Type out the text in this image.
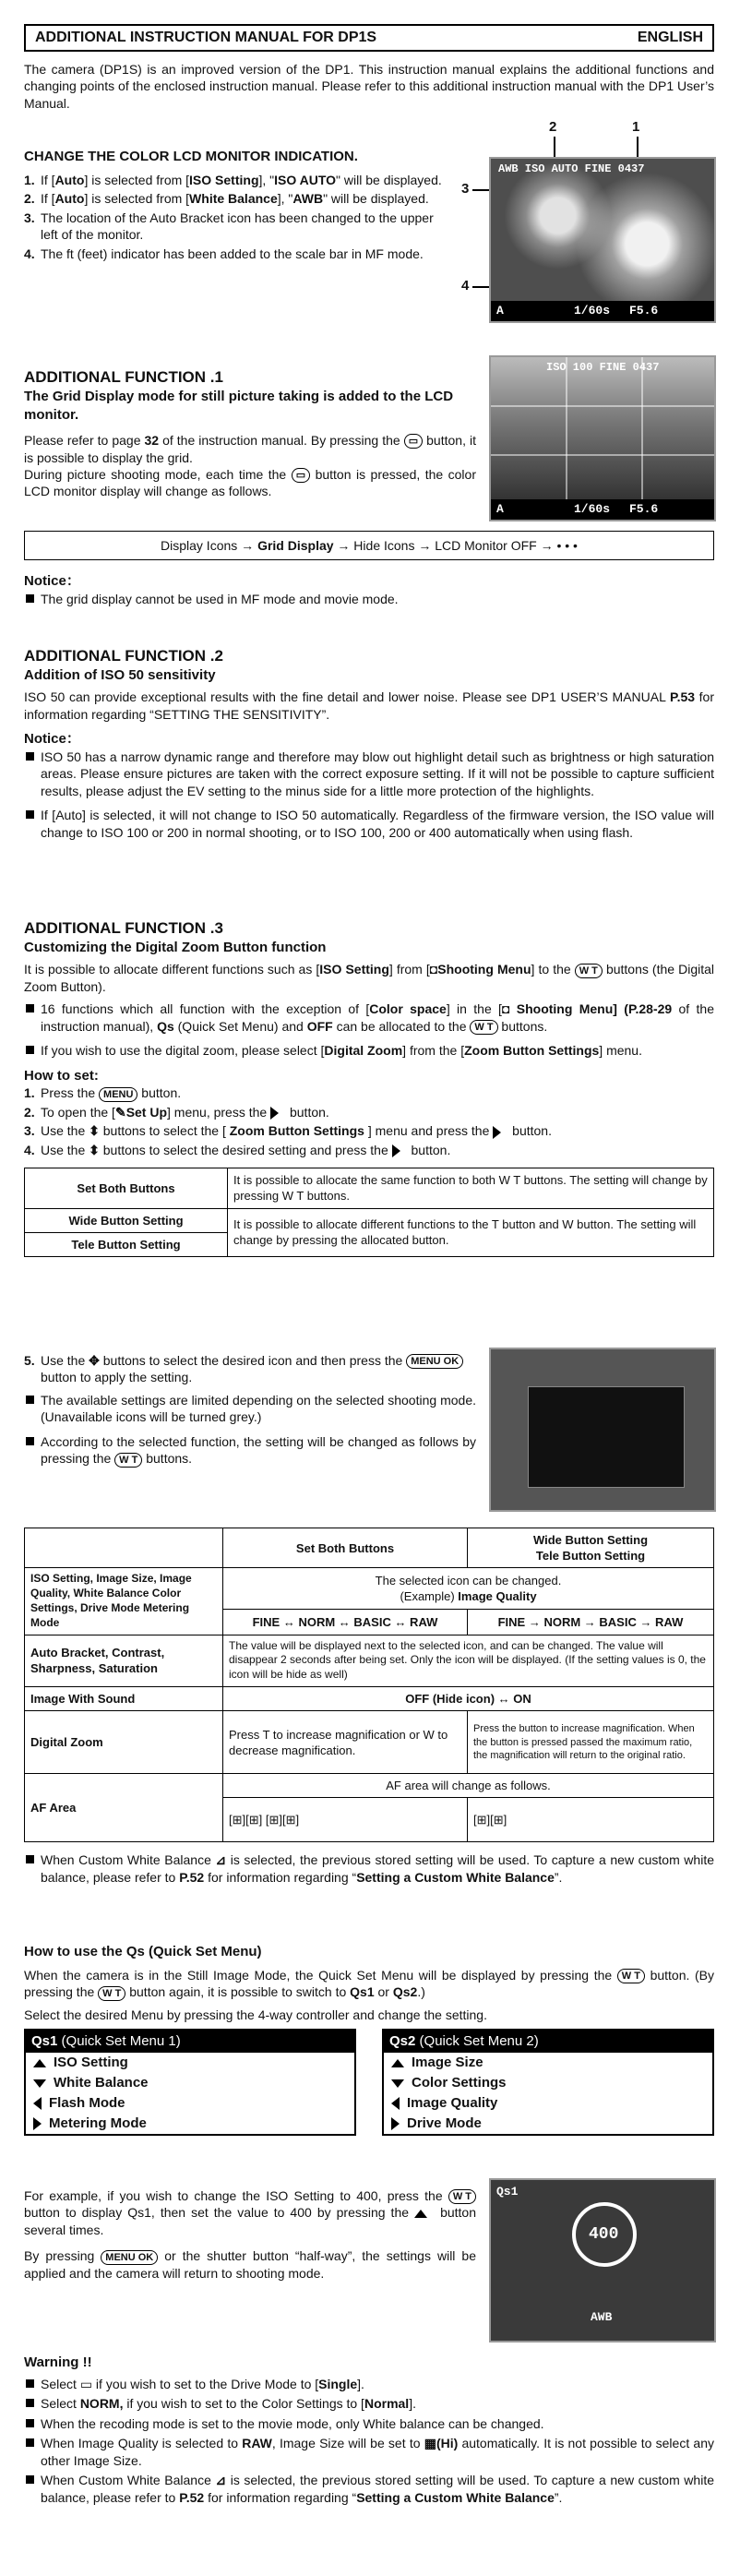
ADDITIONAL INSTRUCTION MANUAL FOR DP1S	ENGLISH

The camera (DP1S) is an improved version of the DP1. This instruction manual explains the additional functions and changing points of the enclosed instruction manual. Please refer to this additional instruction manual with the DP1 User’s Manual.

CHANGE THE COLOR LCD MONITOR INDICATION.
1. If [Auto] is selected from [ISO Setting], "ISO AUTO" will be displayed.
2. If [Auto] is selected from [White Balance], "AWB" will be displayed.
3. The location of the Auto Bracket icon has been changed to the upper left of the monitor.
4. The ft (feet) indicator has been added to the scale bar in MF mode.
2	1
3
4
AWB ISO AUTO FINE 0437
A	1/60s F5.6
ADDITIONAL FUNCTION .1
The Grid Display mode for still picture taking is added to the LCD monitor.

Please refer to page 32 of the instruction manual. By pressing the ▭ button, it is possible to display the grid.

During picture shooting mode, each time the ▭ button is pressed, the color LCD monitor display will change as follows.

ISO 100 FINE 0437
A	1/60s F5.6
Display Icons → Grid Display → Hide Icons → LCD Monitor OFF → • • •
Notice：
The grid display cannot be used in MF mode and movie mode.
ADDITIONAL FUNCTION .2
Addition of ISO 50 sensitivity

ISO 50 can provide exceptional results with the fine detail and lower noise. Please see DP1 USER’S MANUAL P.53 for information regarding “SETTING THE SENSITIVITY”.

Notice：
ISO 50 has a narrow dynamic range and therefore may blow out highlight detail such as brightness or high saturation areas. Please ensure pictures are taken with the correct exposure setting. If it will not be possible to capture sufficient results, please adjust the EV setting to the minus side for a little more protection of the highlights.
If [Auto] is selected, it will not change to ISO 50 automatically. Regardless of the firmware version, the ISO value will change to ISO 100 or 200 in normal shooting, or to ISO 100, 200 or 400 automatically when using flash.
ADDITIONAL FUNCTION .3
Customizing the Digital Zoom Button function

It is possible to allocate different functions such as [ISO Setting] from [◘Shooting Menu] to the W T buttons (the Digital Zoom Button).

16 functions which all function with the exception of [Color space] in the [◘ Shooting Menu] (P.28-29 of the instruction manual), Qs (Quick Set Menu) and OFF can be allocated to the W T buttons.
If you wish to use the digital zoom, please select [Digital Zoom] from the [Zoom Button Settings] menu.
How to set:
1. Press the MENU button.
2. To open the [✎Set Up] menu, press the  button.
3. Use the ⬍ buttons to select the [ Zoom Button Settings ] menu and press the  button.
4. Use the ⬍ buttons to select the desired setting and press the  button.
Set Both Buttons	It is possible to allocate the same function to both W T buttons. The setting will change by pressing W T buttons.
Wide Button Setting	It is possible to allocate different functions to the T button and W button. The setting will change by pressing the allocated button.
Tele Button Setting	
5. Use the ✥ buttons to select the desired icon and then press the MENU OK button to apply the setting.
The available settings are limited depending on the selected shooting mode. (Unavailable icons will be turned grey.)
According to the selected function, the setting will be changed as follows by pressing the W T buttons.
	Set Both Buttons	Wide Button Setting
Tele Button Setting
ISO Setting, Image Size, Image Quality, White Balance Color Settings, Drive Mode Metering Mode	The selected icon can be changed.
(Example) Image Quality	
	FINE ↔ NORM ↔ BASIC ↔ RAW	FINE → NORM → BASIC → RAW
Auto Bracket, Contrast, Sharpness, Saturation	The value will be displayed next to the selected icon, and can be changed. The value will disappear 2 seconds after being set. Only the icon will be displayed. (If the setting values is 0, the icon will be hide as well)	
Image With Sound	OFF (Hide icon) ↔ ON	
Digital Zoom	Press T to increase magnification or W to decrease magnification.	Press the button to increase magnification. When the button is pressed passed the maximum ratio, the magnification will return to the original ratio.
AF Area	AF area will change as follows.	
	[⊞][⊞] [⊞][⊞]	[⊞][⊞]
When Custom White Balance ⊿ is selected, the previous stored setting will be used. To capture a new custom white balance, please refer to P.52 for information regarding “Setting a Custom White Balance”.
How to use the Qs (Quick Set Menu)

When the camera is in the Still Image Mode, the Quick Set Menu will be displayed by pressing the W T button. (By pressing the W T button again, it is possible to switch to Qs1 or Qs2.)

Select the desired Menu by pressing the 4-way controller and change the setting.

Qs1 (Quick Set Menu 1)
ISO Setting
White Balance
Flash Mode
Metering Mode
Qs2 (Quick Set Menu 2)
Image Size
Color Settings
Image Quality
Drive Mode

For example, if you wish to change the ISO Setting to 400, press the W T button to display Qs1, then set the value to 400 by pressing the  button several times.

By pressing MENU OK or the shutter button “half-way”, the settings will be applied and the camera will return to shooting mode.

Qs1
400
AWB
Warning !!
Select ▭ if you wish to set to the Drive Mode to [Single].
Select NORM, if you wish to set to the Color Settings to [Normal].
When the recoding mode is set to the movie mode, only White balance can be changed.
When Image Quality is selected to RAW, Image Size will be set to ▦(Hi) automatically. It is not possible to select any other Image Size.
When Custom White Balance ⊿ is selected, the previous stored setting will be used. To capture a new custom white balance, please refer to P.52 for information regarding “Setting a Custom White Balance”.
